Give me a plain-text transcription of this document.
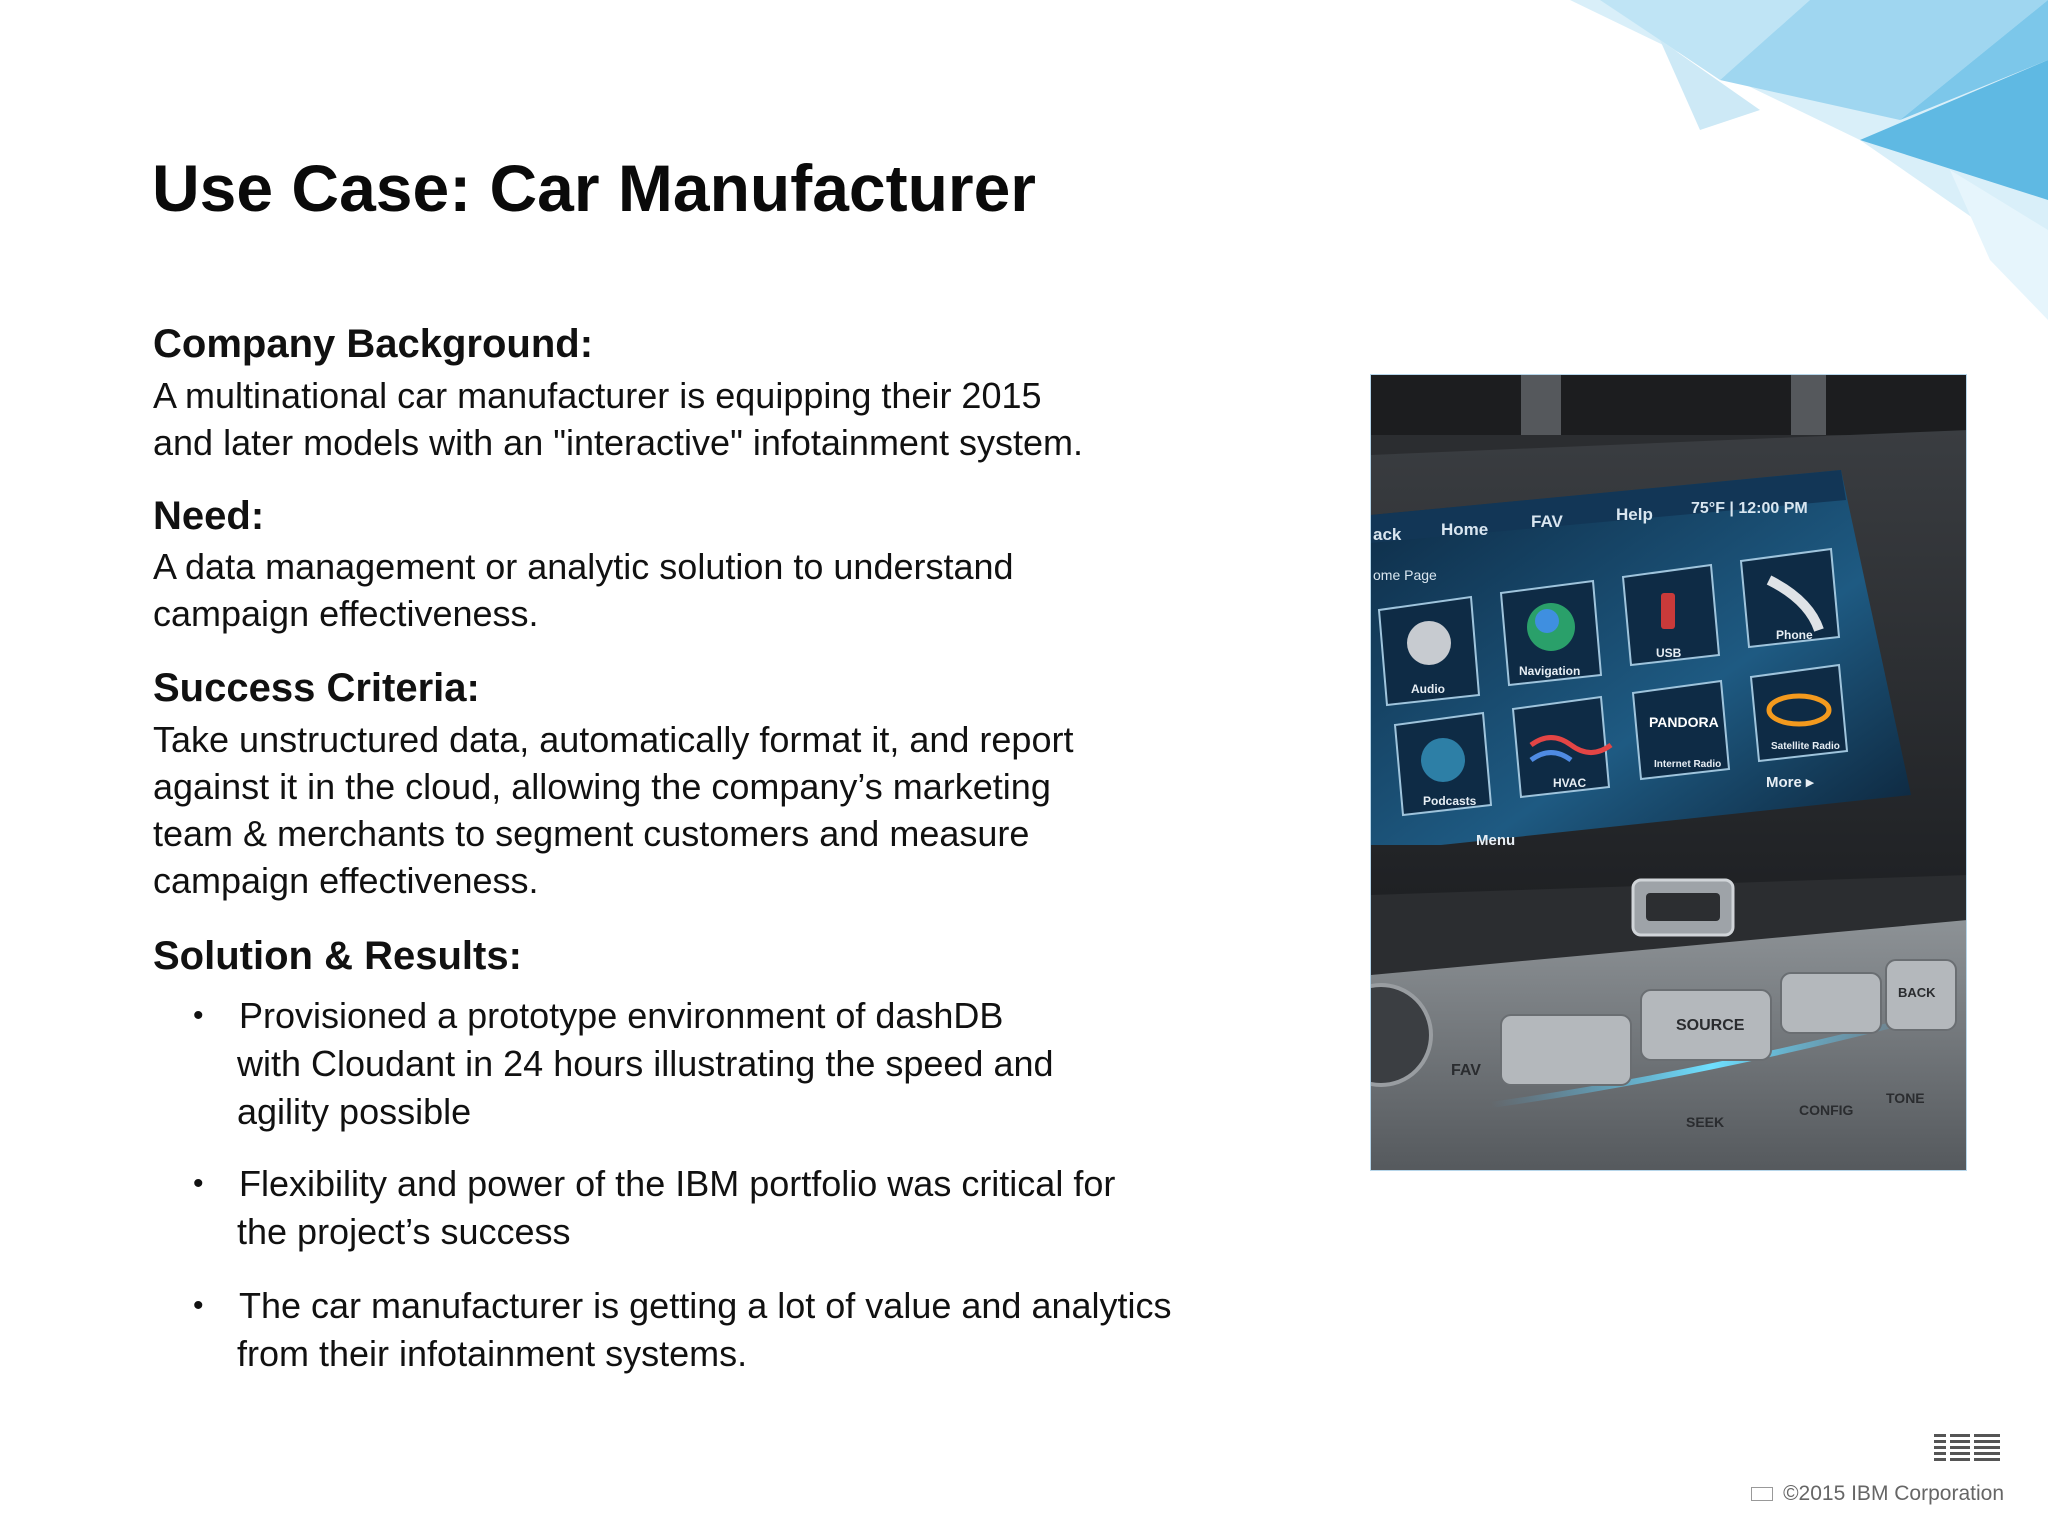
Use Case: Car Manufacturer
Company Background:
A multinational car manufacturer is equipping their 2015
and later models with an "interactive" infotainment system.
Need:
A data management or analytic solution to understand
campaign effectiveness.
Success Criteria:
Take unstructured data, automatically format it, and report
against it in the cloud, allowing the company’s marketing
team & merchants to segment customers and measure
campaign effectiveness.
Solution & Results:
• Provisioned a prototype environment of dashDB
with Cloudant in 24 hours illustrating the speed and
agility possible
• Flexibility and power of the IBM portfolio was critical for
the project’s success
• The car manufacturer is getting a lot of value and analytics
from their infotainment systems.
ack Home	FAV	Help 75°F | 12:00 PM
ome Page
Audio
Navigation
USB
Phone
PANDORA
Podcasts
HVAC
Internet Radio
Satellite Radio
More ▸
Menu
FAV
SOURCE
BACK
SEEK
CONFIG
TONE
©2015 IBM Corporation
